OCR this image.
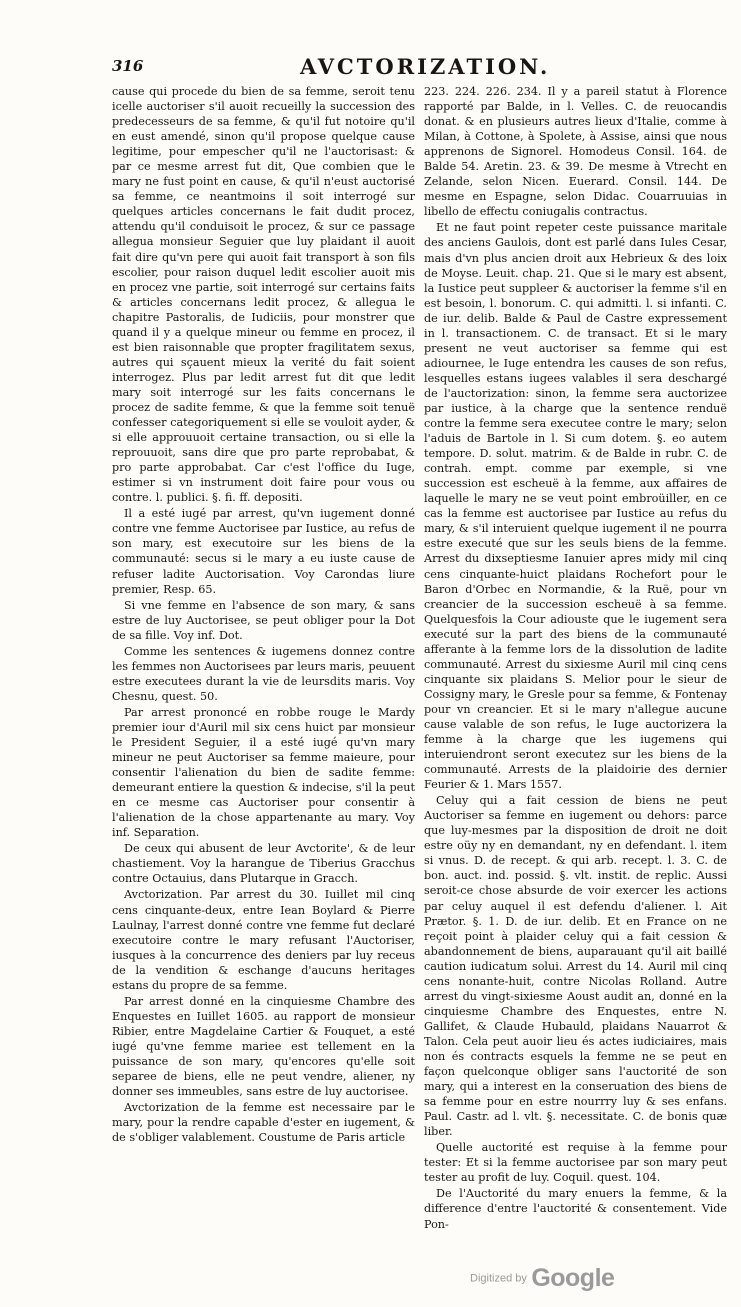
316	AVCTORIZATION.

cause qui procede du bien de sa femme, seroit tenu icelle auctoriser s'il auoit recueilly la succession des predecesseurs de sa femme, & qu'il fut notoire qu'il en eust amendé, sinon qu'il propose quelque cause legitime, pour empescher qu'il ne l'auctorisast: & par ce mesme arrest fut dit, Que combien que le mary ne fust point en cause, & qu'il n'eust auctorisé sa femme, ce neantmoins il soit interrogé sur quelques articles concernans le fait dudit procez, attendu qu'il conduisoit le procez, & sur ce passage allegua monsieur Seguier que luy plaidant il auoit fait dire qu'vn pere qui auoit fait transport à son fils escolier, pour raison duquel ledit escolier auoit mis en procez vne partie, soit interrogé sur certains faits & articles concernans ledit procez, & allegua le chapitre Pastoralis, de Iudiciis, pour monstrer que quand il y a quelque mineur ou femme en procez, il est bien raisonnable que propter fragilitatem sexus, autres qui sçauent mieux la verité du fait soient interrogez. Plus par ledit arrest fut dit que ledit mary soit interrogé sur les faits concernans le procez de sadite femme, & que la femme soit tenuë confesser categoriquement si elle se vouloit ayder, & si elle approuuoit certaine transaction, ou si elle la reprouuoit, sans dire que pro parte reprobabat, & pro parte approbabat. Car c'est l'office du Iuge, estimer si vn instrument doit faire pour vous ou contre. l. publici. §. fi. ff. depositi.

Il a esté iugé par arrest, qu'vn iugement donné contre vne femme Auctorisee par Iustice, au refus de son mary, est executoire sur les biens de la communauté: secus si le mary a eu iuste cause de refuser ladite Auctorisation. Voy Carondas liure premier, Resp. 65.

Si vne femme en l'absence de son mary, & sans estre de luy Auctorisee, se peut obliger pour la Dot de sa fille. Voy inf. Dot.

Comme les sentences & iugemens donnez contre les femmes non Auctorisees par leurs maris, peuuent estre executees durant la vie de leursdits maris. Voy Chesnu, quest. 50.

Par arrest prononcé en robbe rouge le Mardy premier iour d'Auril mil six cens huict par monsieur le President Seguier, il a esté iugé qu'vn mary mineur ne peut Auctoriser sa femme maieure, pour consentir l'alienation du bien de sadite femme: demeurant entiere la question & indecise, s'il la peut en ce mesme cas Auctoriser pour consentir à l'alienation de la chose appartenante au mary. Voy inf. Separation.

De ceux qui abusent de leur Avctorite', & de leur chastiement. Voy la harangue de Tiberius Gracchus contre Octauius, dans Plutarque in Gracch.

Avctorization. Par arrest du 30. Iuillet mil cinq cens cinquante-deux, entre Iean Boylard & Pierre Laulnay, l'arrest donné contre vne femme fut declaré executoire contre le mary refusant l'Auctoriser, iusques à la concurrence des deniers par luy receus de la vendition & eschange d'aucuns heritages estans du propre de sa femme.

Par arrest donné en la cinquiesme Chambre des Enquestes en Iuillet 1605. au rapport de monsieur Ribier, entre Magdelaine Cartier & Fouquet, a esté iugé qu'vne femme mariee est tellement en la puissance de son mary, qu'encores qu'elle soit separee de biens, elle ne peut vendre, aliener, ny donner ses immeubles, sans estre de luy auctorisee.

Avctorization de la femme est necessaire par le mary, pour la rendre capable d'ester en iugement, & de s'obliger valablement. Coustume de Paris article

223. 224. 226. 234. Il y a pareil statut à Florence rapporté par Balde, in l. Velles. C. de reuocandis donat. & en plusieurs autres lieux d'Italie, comme à Milan, à Cottone, à Spolete, à Assise, ainsi que nous apprenons de Signorel. Homodeus Consil. 164. de Balde 54. Aretin. 23. & 39. De mesme à Vtrecht en Zelande, selon Nicen. Euerard. Consil. 144. De mesme en Espagne, selon Didac. Couarruuias in libello de effectu coniugalis contractus.

Et ne faut point repeter ceste puissance maritale des anciens Gaulois, dont est parlé dans Iules Cesar, mais d'vn plus ancien droit aux Hebrieux & des loix de Moyse. Leuit. chap. 21. Que si le mary est absent, la Iustice peut suppleer & auctoriser la femme s'il en est besoin, l. bonorum. C. qui admitti. l. si infanti. C. de iur. delib. Balde & Paul de Castre expressement in l. transactionem. C. de transact. Et si le mary present ne veut auctoriser sa femme qui est adiournee, le Iuge entendra les causes de son refus, lesquelles estans iugees valables il sera deschargé de l'auctorization: sinon, la femme sera auctorizee par iustice, à la charge que la sentence renduë contre la femme sera executee contre le mary; selon l'aduis de Bartole in l. Si cum dotem. §. eo autem tempore. D. solut. matrim. & de Balde in rubr. C. de contrah. empt. comme par exemple, si vne succession est escheuë à la femme, aux affaires de laquelle le mary ne se veut point embroüiller, en ce cas la femme est auctorisee par Iustice au refus du mary, & s'il interuient quelque iugement il ne pourra estre executé que sur les seuls biens de la femme. Arrest du dixseptiesme Ianuier apres midy mil cinq cens cinquante-huict plaidans Rochefort pour le Baron d'Orbec en Normandie, & la Ruë, pour vn creancier de la succession escheuë à sa femme. Quelquesfois la Cour adiouste que le iugement sera executé sur la part des biens de la communauté afferante à la femme lors de la dissolution de ladite communauté. Arrest du sixiesme Auril mil cinq cens cinquante six plaidans S. Melior pour le sieur de Cossigny mary, le Gresle pour sa femme, & Fontenay pour vn creancier. Et si le mary n'allegue aucune cause valable de son refus, le Iuge auctorizera la femme à la charge que les iugemens qui interuiendront seront executez sur les biens de la communauté. Arrests de la plaidoirie des dernier Feurier & 1. Mars 1557.

Celuy qui a fait cession de biens ne peut Auctoriser sa femme en iugement ou dehors: parce que luy-mesmes par la disposition de droit ne doit estre oüy ny en demandant, ny en defendant. l. item si vnus. D. de recept. & qui arb. recept. l. 3. C. de bon. auct. ind. possid. §. vlt. instit. de replic. Aussi seroit-ce chose absurde de voir exercer les actions par celuy auquel il est defendu d'aliener. l. Ait Prætor. §. 1. D. de iur. delib. Et en France on ne reçoit point à plaider celuy qui a fait cession & abandonnement de biens, auparauant qu'il ait baillé caution iudicatum solui. Arrest du 14. Auril mil cinq cens nonante-huit, contre Nicolas Rolland. Autre arrest du vingt-sixiesme Aoust audit an, donné en la cinquiesme Chambre des Enquestes, entre N. Gallifet, & Claude Hubauld, plaidans Nauarrot & Talon. Cela peut auoir lieu és actes iudiciaires, mais non és contracts esquels la femme ne se peut en façon quelconque obliger sans l'auctorité de son mary, qui a interest en la conseruation des biens de sa femme pour en estre nourrry luy & ses enfans. Paul. Castr. ad l. vlt. §. necessitate. C. de bonis quæ liber.

Quelle auctorité est requise à la femme pour tester: Et si la femme auctorisee par son mary peut tester au profit de luy. Coquil. quest. 104.

De l'Auctorité du mary enuers la femme, & la difference d'entre l'auctorité & consentement. Vide Pon-

Digitized by Google
